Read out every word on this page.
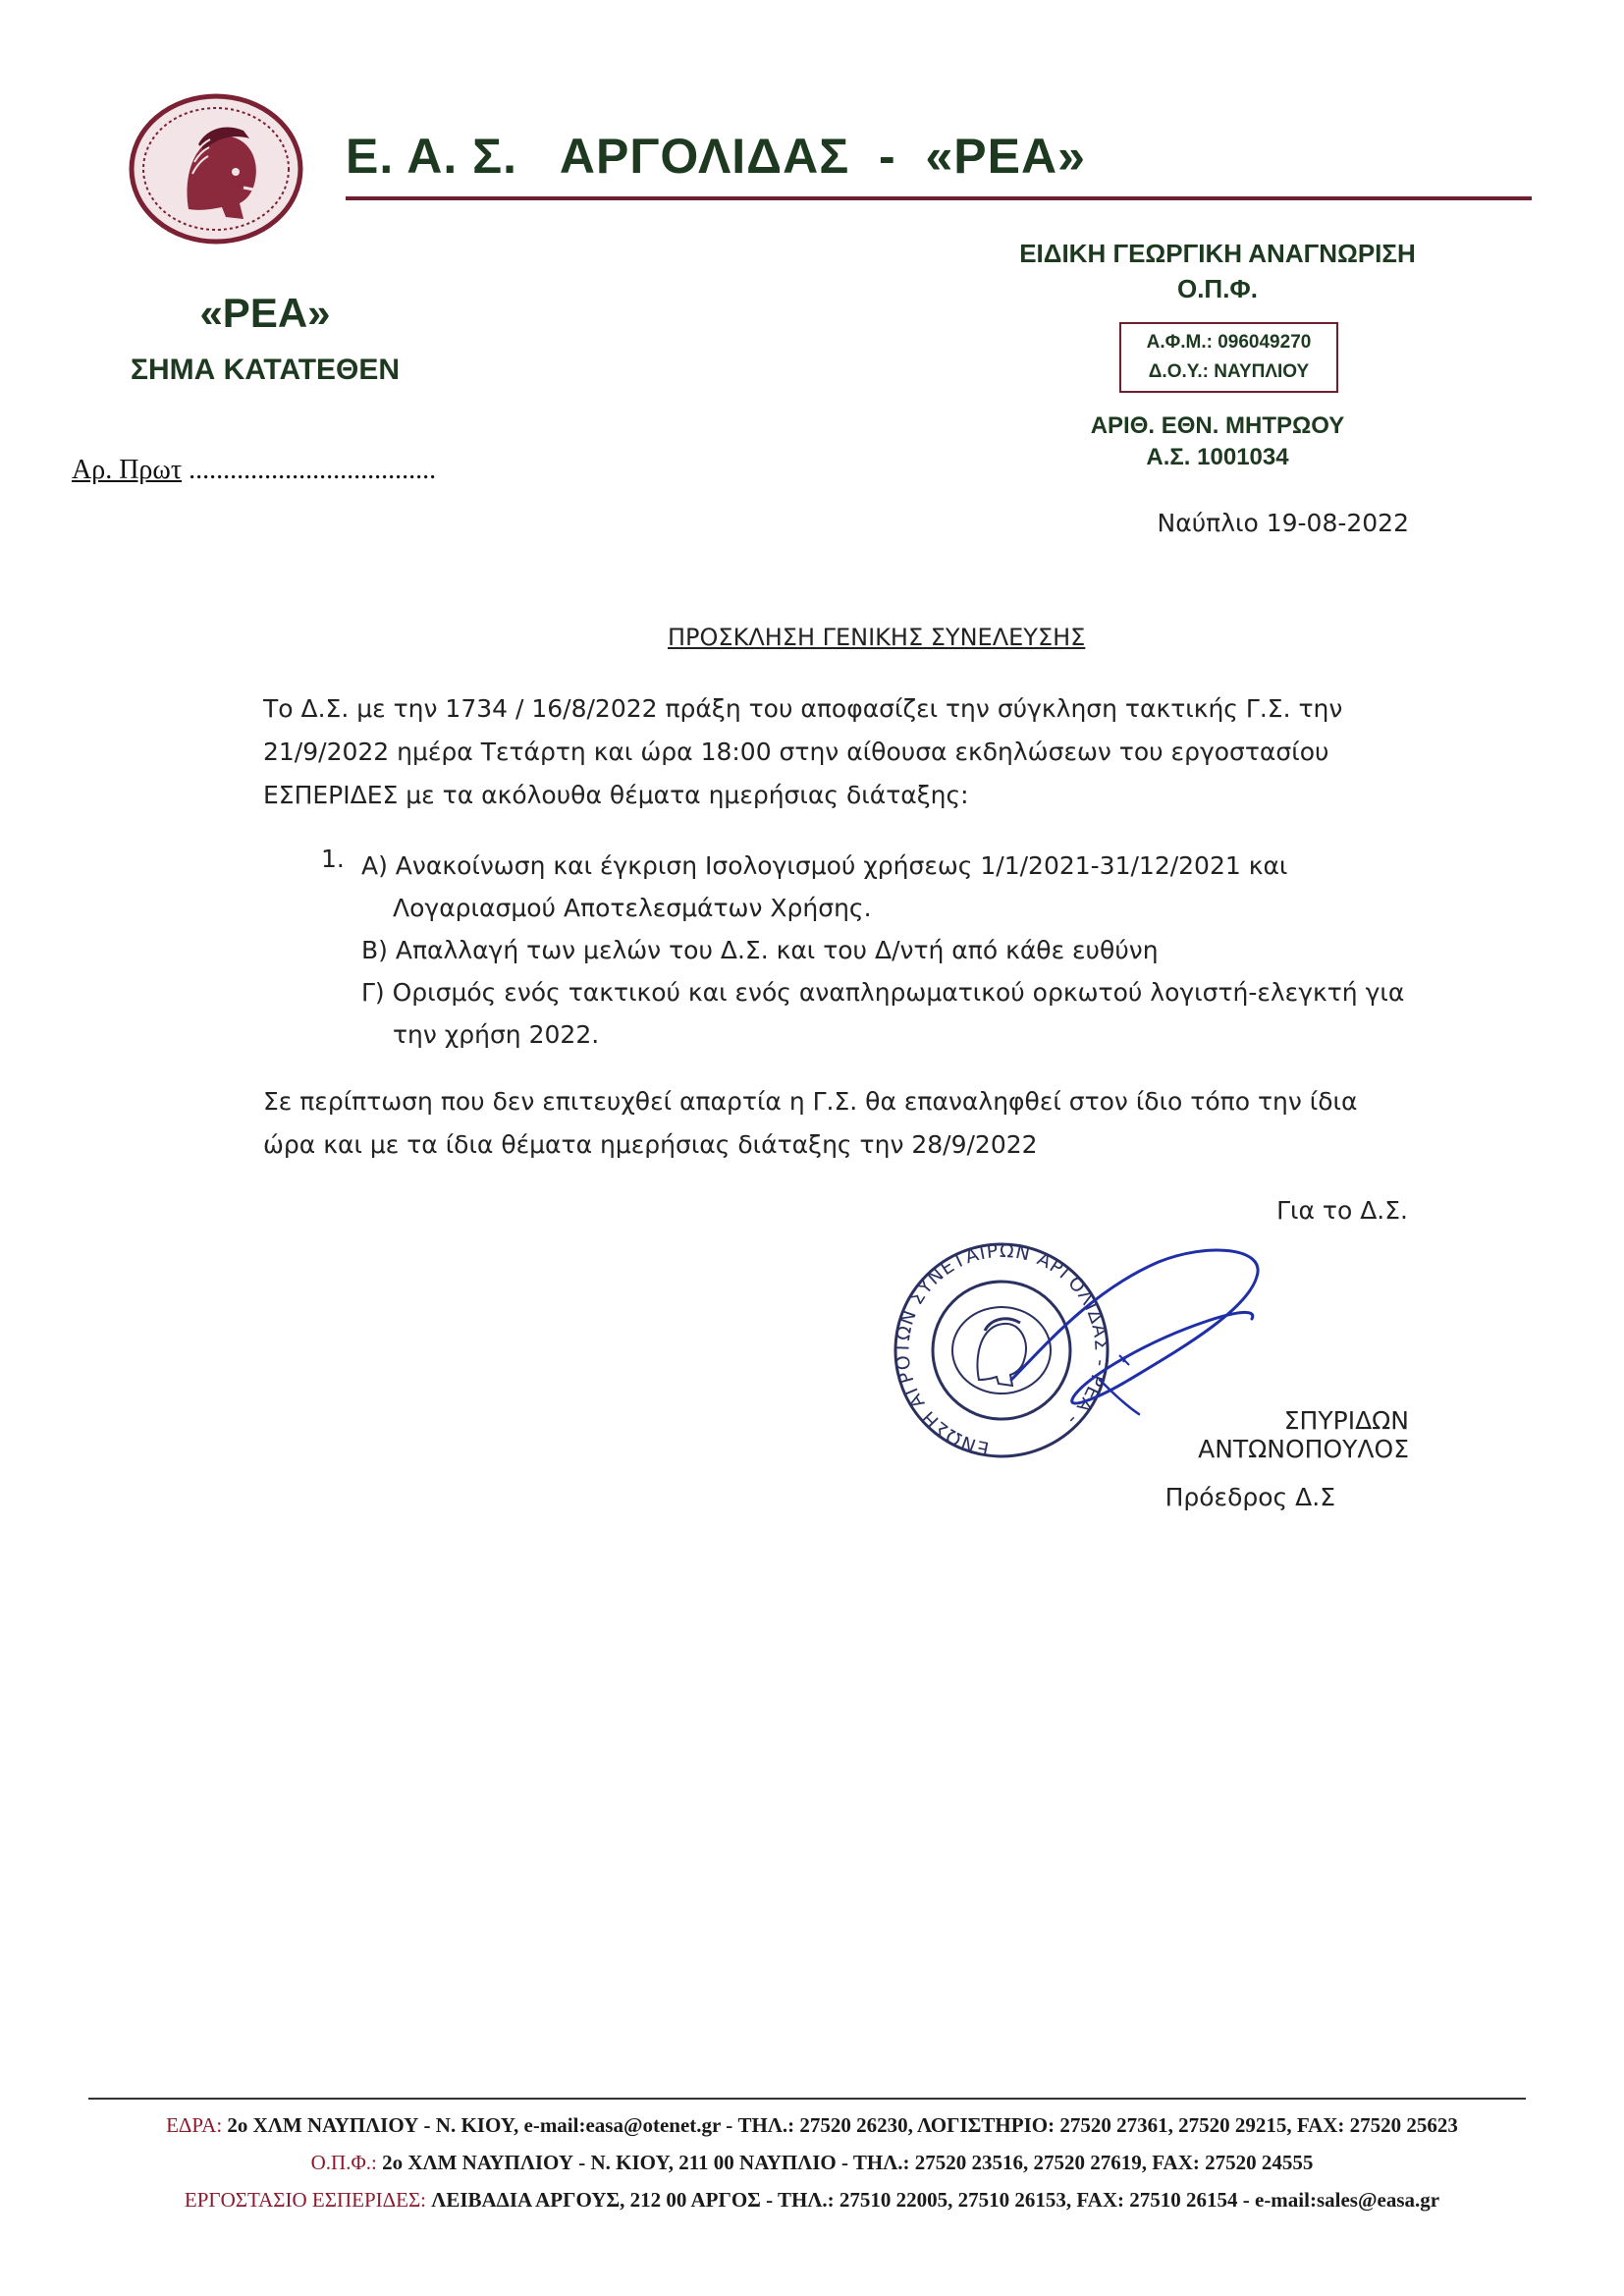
Ε. Α. Σ.   ΑΡΓΟΛΙΔΑΣ  -  «ΡΕΑ»
«ΡΕΑ»
ΣΗΜΑ ΚΑΤΑΤΕΘΕΝ
Αρ. Πρωτ ....................................
ΕΙΔΙΚΗ ΓΕΩΡΓΙΚΗ ΑΝΑΓΝΩΡΙΣΗ
Ο.Π.Φ.
Α.Φ.Μ.: 096049270
Δ.Ο.Υ.: ΝΑΥΠΛΙΟΥ
ΑΡΙΘ. ΕΘΝ. ΜΗΤΡΩΟΥ
Α.Σ. 1001034
Ναύπλιο 19-08-2022
ΠΡΟΣΚΛΗΣΗ ΓΕΝΙΚΗΣ ΣΥΝΕΛΕΥΣΗΣ
Το Δ.Σ. με την 1734 / 16/8/2022 πράξη του αποφασίζει την σύγκληση τακτικής Γ.Σ. την
21/9/2022 ημέρα Τετάρτη και ώρα 18:00 στην αίθουσα εκδηλώσεων του εργοστασίου
ΕΣΠΕΡΙΔΕΣ με τα ακόλουθα θέματα ημερήσιας διάταξης:
1. Α) Ανακοίνωση και έγκριση Ισολογισμού χρήσεως 1/1/2021-31/12/2021 και
Λογαριασμού Αποτελεσμάτων Χρήσης.
Β) Απαλλαγή των μελών του Δ.Σ. και του Δ/ντή από κάθε ευθύνη
Γ) Ορισμός ενός τακτικού και ενός αναπληρωματικού ορκωτού λογιστή-ελεγκτή για
την χρήση 2022.
Σε περίπτωση που δεν επιτευχθεί απαρτία η Γ.Σ. θα επαναληφθεί στον ίδιο τόπο την ίδια
ώρα και με τα ίδια θέματα ημερήσιας διάταξης την 28/9/2022
Για το Δ.Σ.
ΕΝΩΣΗ ΑΓΡΟΤΩΝ ΣΥΝΕΤΑΙΡΩΝ ΑΡΓΟΛΙΔΑΣ - ΡΕΑ -	ΣΠΥΡΙΔΩΝ ΑΝΤΩΝΟΠΟΥΛΟΣ
Πρόεδρος Δ.Σ
ΕΔΡΑ: 2ο ΧΛΜ ΝΑΥΠΛΙΟΥ - Ν. ΚΙΟΥ, e-mail:easa@otenet.gr - ΤΗΛ.: 27520 26230, ΛΟΓΙΣΤΗΡΙΟ: 27520 27361, 27520 29215, FAX: 27520 25623
Ο.Π.Φ.: 2ο ΧΛΜ ΝΑΥΠΛΙΟΥ - Ν. ΚΙΟΥ, 211 00 ΝΑΥΠΛΙΟ - ΤΗΛ.: 27520 23516, 27520 27619, FAX: 27520 24555
ΕΡΓΟΣΤΑΣΙΟ ΕΣΠΕΡΙΔΕΣ: ΛΕΙΒΑΔΙΑ ΑΡΓΟΥΣ, 212 00 ΑΡΓΟΣ - ΤΗΛ.: 27510 22005, 27510 26153, FAX: 27510 26154 - e-mail:sales@easa.gr
